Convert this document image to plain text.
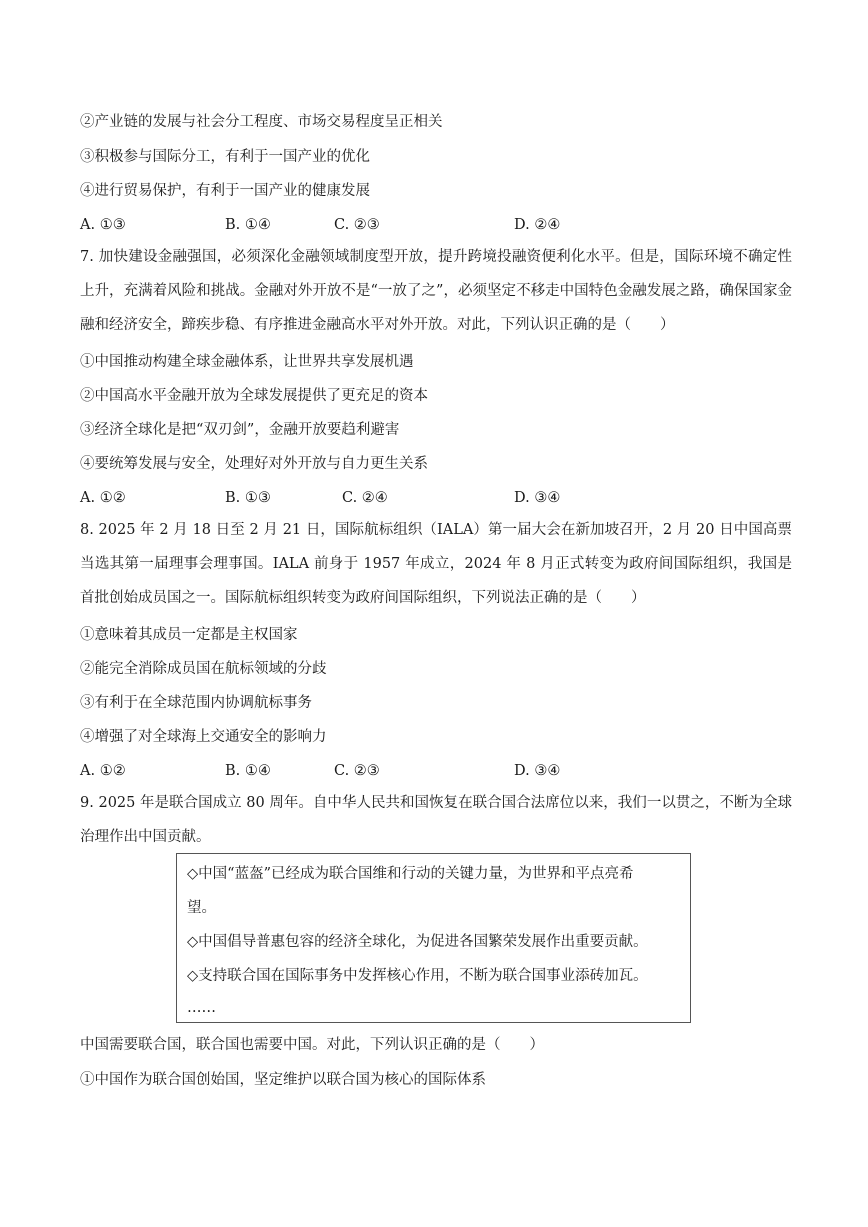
②产业链的发展与社会分工程度、市场交易程度呈正相关
③积极参与国际分工，有利于一国产业的优化
④进行贸易保护，有利于一国产业的健康发展
A. ①③	B. ①④	C. ②③	D. ②④
7. 加快建设金融强国，必须深化金融领域制度型开放，提升跨境投融资便利化水平。但是，国际环境不确定性上升，充满着风险和挑战。金融对外开放不是“一放了之”，必须坚定不移走中国特色金融发展之路，确保国家金融和经济安全，蹄疾步稳、有序推进金融高水平对外开放。对此，下列认识正确的是（　　）
①中国推动构建全球金融体系，让世界共享发展机遇
②中国高水平金融开放为全球发展提供了更充足的资本
③经济全球化是把“双刃剑”，金融开放要趋利避害
④要统筹发展与安全，处理好对外开放与自力更生关系
A. ①②	B. ①③	C. ②④	D. ③④
8. 2025 年 2 月 18 日至 2 月 21 日，国际航标组织（IALA）第一届大会在新加坡召开，2 月 20 日中国高票当选其第一届理事会理事国。IALA 前身于 1957 年成立，2024 年 8 月正式转变为政府间国际组织，我国是首批创始成员国之一。国际航标组织转变为政府间国际组织，下列说法正确的是（　　）
①意味着其成员一定都是主权国家
②能完全消除成员国在航标领域的分歧
③有利于在全球范围内协调航标事务
④增强了对全球海上交通安全的影响力
A. ①②	B. ①④	C. ②③	D. ③④
9. 2025 年是联合国成立 80 周年。自中华人民共和国恢复在联合国合法席位以来，我们一以贯之，不断为全球治理作出中国贡献。
◇中国“蓝盔”已经成为联合国维和行动的关键力量，为世界和平点亮希
望。
◇中国倡导普惠包容的经济全球化，为促进各国繁荣发展作出重要贡献。
◇支持联合国在国际事务中发挥核心作用，不断为联合国事业添砖加瓦。
……
中国需要联合国，联合国也需要中国。对此，下列认识正确的是（　　）
①中国作为联合国创始国，坚定维护以联合国为核心的国际体系
